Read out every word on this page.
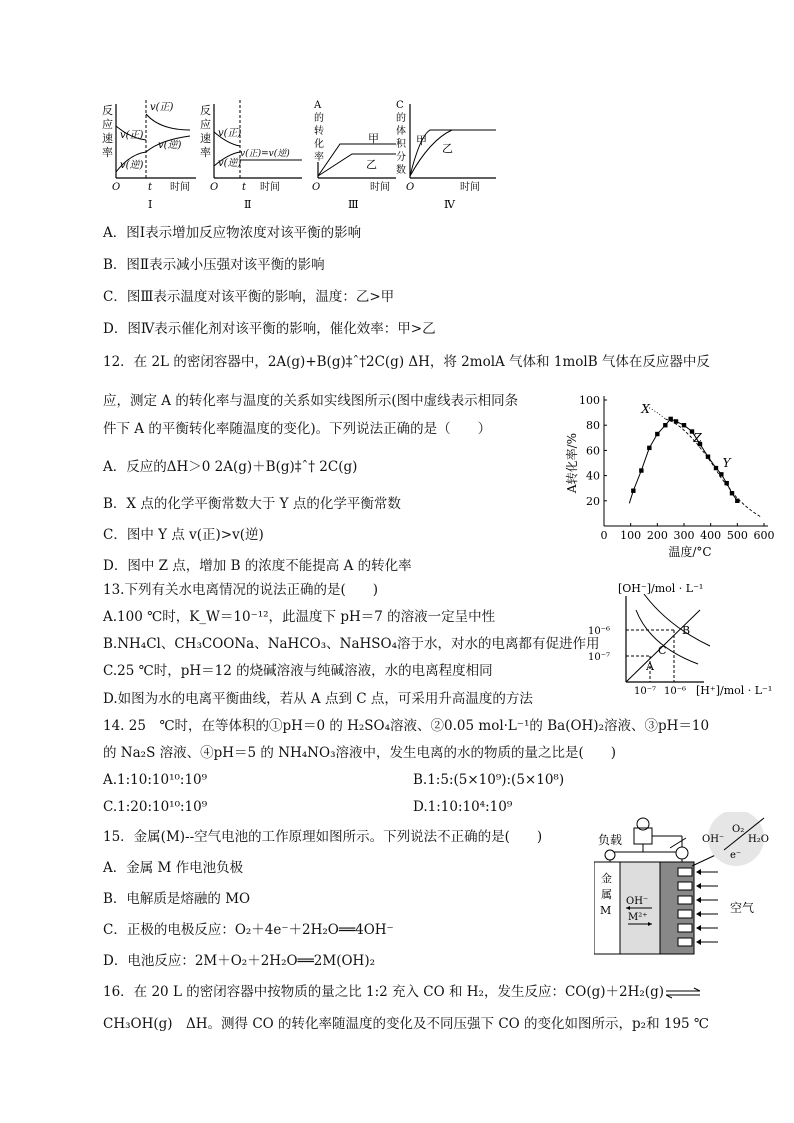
反
应
速
率
v(正)
v(逆)
v(正)
v(逆)
O	t 时间
Ⅰ
反
应
速
率
v(正)
v(逆)
v(正)=v(逆)
O t 时间
Ⅱ
A
的
转
化
率
甲
乙
O	时间
Ⅲ
C
的
体
积
分
数
甲
乙
O	时间
Ⅳ
A．图Ⅰ表示增加反应物浓度对该平衡的影响
B．图Ⅱ表示减小压强对该平衡的影响
C．图Ⅲ表示温度对该平衡的影响，温度：乙>甲
D．图Ⅳ表示催化剂对该平衡的影响，催化效率：甲>乙
12．在 2L 的密闭容器中，2A(g)+B(g)‡ˆ†2C(g) ΔH，将 2molA 气体和 1molB 气体在反应器中反
应，测定 A 的转化率与温度的关系如实线图所示(图中虚线表示相同条
件下 A 的平衡转化率随温度的变化)。下列说法正确的是（　　）
A．反应的ΔH＞0 2A(g)＋B(g)‡ˆ† 2C(g)
B．X 点的化学平衡常数大于 Y 点的化学平衡常数
C．图中 Y 点 v(正)>v(逆)
D．图中 Z 点，增加 B 的浓度不能提高 A 的转化率
0 100 200 300 400 500 600
20
40
60
80
100
温度/°C
A转化率/%
X
Z
Y
13.下列有关水电离情况的说法正确的是(　　)
A.100 ℃时，K_W＝10⁻¹²，此温度下 pH＝7 的溶液一定呈中性
B.NH₄Cl、CH₃COONa、NaHCO₃、NaHSO₄溶于水，对水的电离都有促进作用
C.25 ℃时，pH＝12 的烧碱溶液与纯碱溶液，水的电离程度相同
D.如图为水的电离平衡曲线，若从 A 点到 C 点，可采用升高温度的方法
[OH⁻]/mol · L⁻¹
10⁻⁶
10⁻⁷
10⁻⁷ 10⁻⁶ [H⁺]/mol · L⁻¹
A
B
C
14. 25　℃时，在等体积的①pH＝0 的 H₂SO₄溶液、②0.05 mol·L⁻¹的 Ba(OH)₂溶液、③pH＝10
的 Na₂S 溶液、④pH＝5 的 NH₄NO₃溶液中，发生电离的水的物质的量之比是(　　)
A.1:10:10¹⁰:10⁹	B.1:5:(5×10⁹):(5×10⁸)
C.1:20:10¹⁰:10⁹	D.1:10:10⁴:10⁹
15．金属(M)--空气电池的工作原理如图所示。下列说法不正确的是(　　)
A．金属 M 作电池负极
B．电解质是熔融的 MO
C．正极的电极反应：O₂＋4e⁻＋2H₂O══4OH⁻
D．电池反应：2M＋O₂＋2H₂O══2M(OH)₂
负载
金
属
M
OH⁻
M²⁺
空气
OH⁻
O₂
H₂O
e⁻
16．在 20 L 的密闭容器中按物质的量之比 1:2 充入 CO 和 H₂，发生反应：CO(g)＋2H₂(g) ⇌
CH₃OH(g)　ΔH。测得 CO 的转化率随温度的变化及不同压强下 CO 的变化如图所示，p₂和 195 ℃
